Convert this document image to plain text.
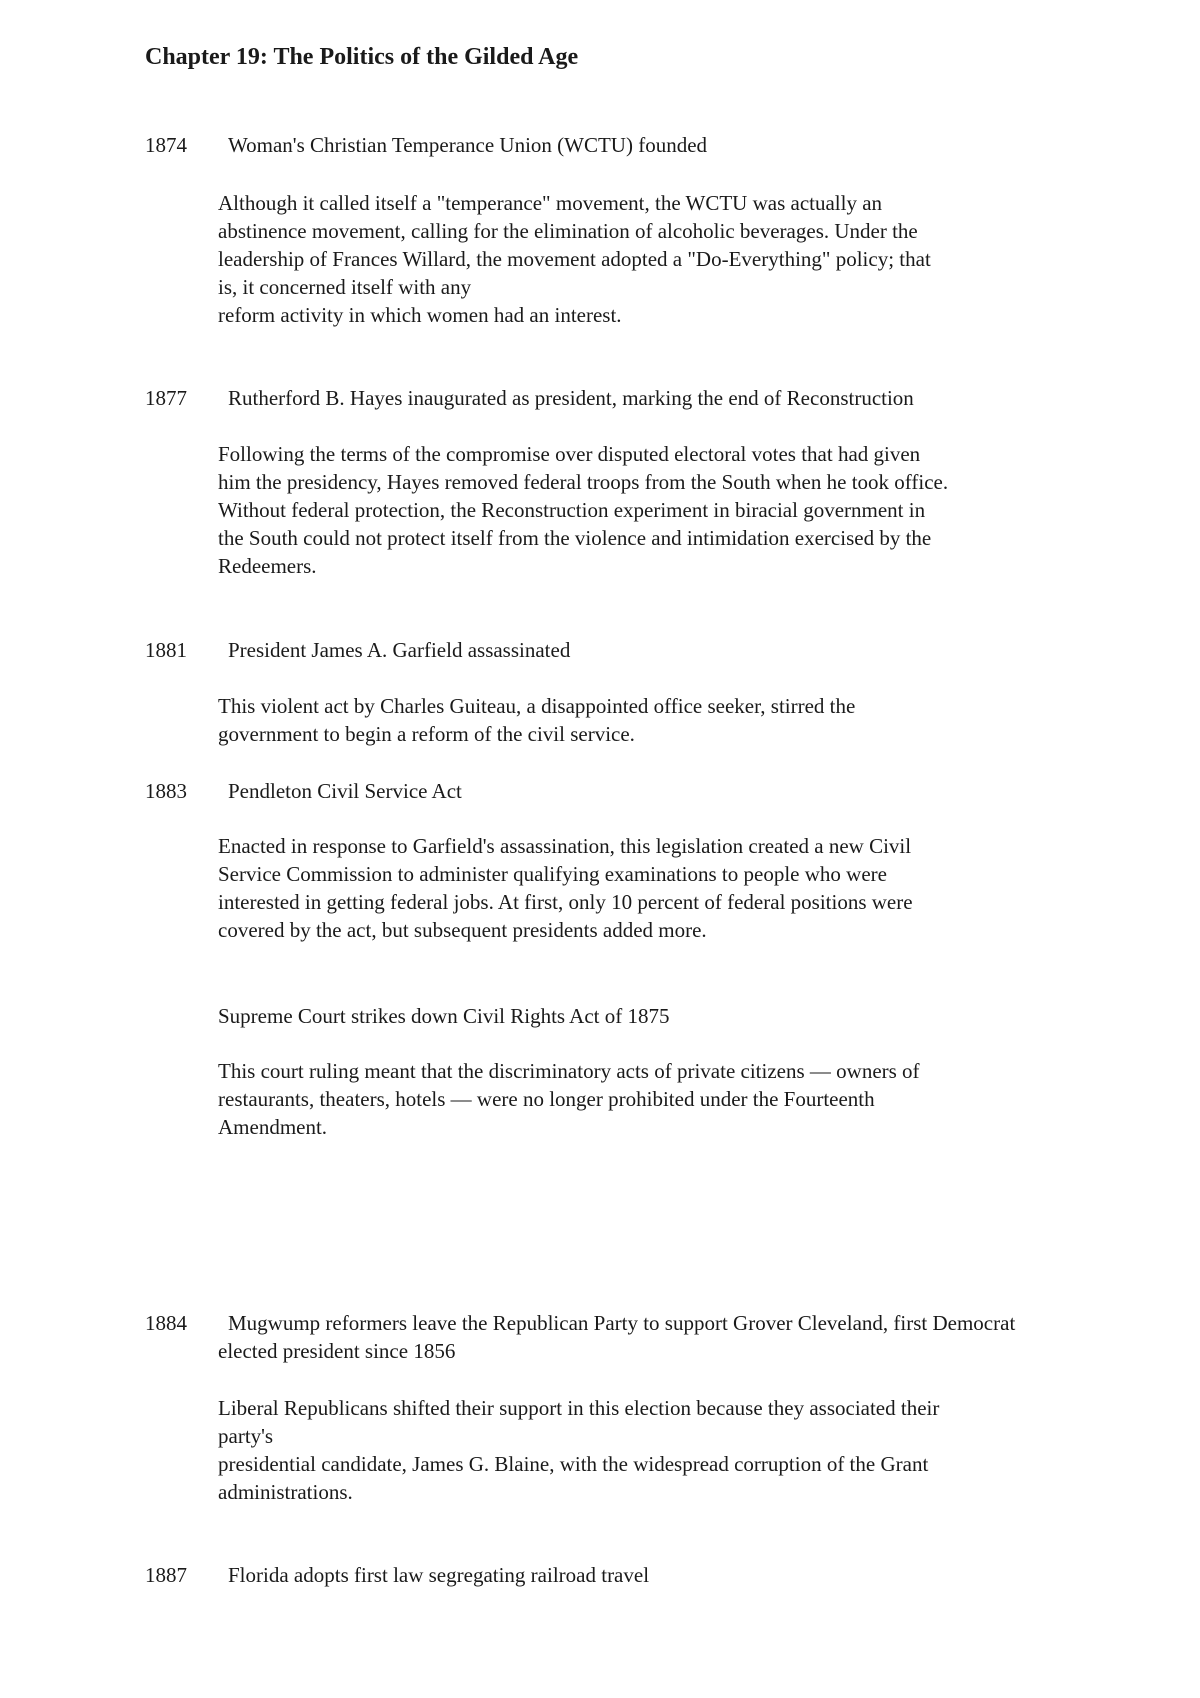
Chapter 19: The Politics of the Gilded Age
1874 Woman's Christian Temperance Union (WCTU) founded

Although it called itself a "temperance" movement, the WCTU was actually an
abstinence movement, calling for the elimination of alcoholic beverages. Under the
leadership of Frances Willard, the movement adopted a "Do-Everything" policy; that
is, it concerned itself with any
reform activity in which women had an interest.

1877 Rutherford B. Hayes inaugurated as president, marking the end of Reconstruction

Following the terms of the compromise over disputed electoral votes that had given
him the presidency, Hayes removed federal troops from the South when he took office.
Without federal protection, the Reconstruction experiment in biracial government in
the South could not protect itself from the violence and intimidation exercised by the
Redeemers.

1881 President James A. Garfield assassinated

This violent act by Charles Guiteau, a disappointed office seeker, stirred the
government to begin a reform of the civil service.

1883 Pendleton Civil Service Act

Enacted in response to Garfield's assassination, this legislation created a new Civil
Service Commission to administer qualifying examinations to people who were
interested in getting federal jobs. At first, only 10 percent of federal positions were
covered by the act, but subsequent presidents added more.

Supreme Court strikes down Civil Rights Act of 1875

This court ruling meant that the discriminatory acts of private citizens — owners of
restaurants, theaters, hotels — were no longer prohibited under the Fourteenth
Amendment.

1884	Mugwump reformers leave the Republican Party to support Grover Cleveland, first Democrat elected president since 1856

Liberal Republicans shifted their support in this election because they associated their
party's
presidential candidate, James G. Blaine, with the widespread corruption of the Grant
administrations.

1887 Florida adopts first law segregating railroad travel
